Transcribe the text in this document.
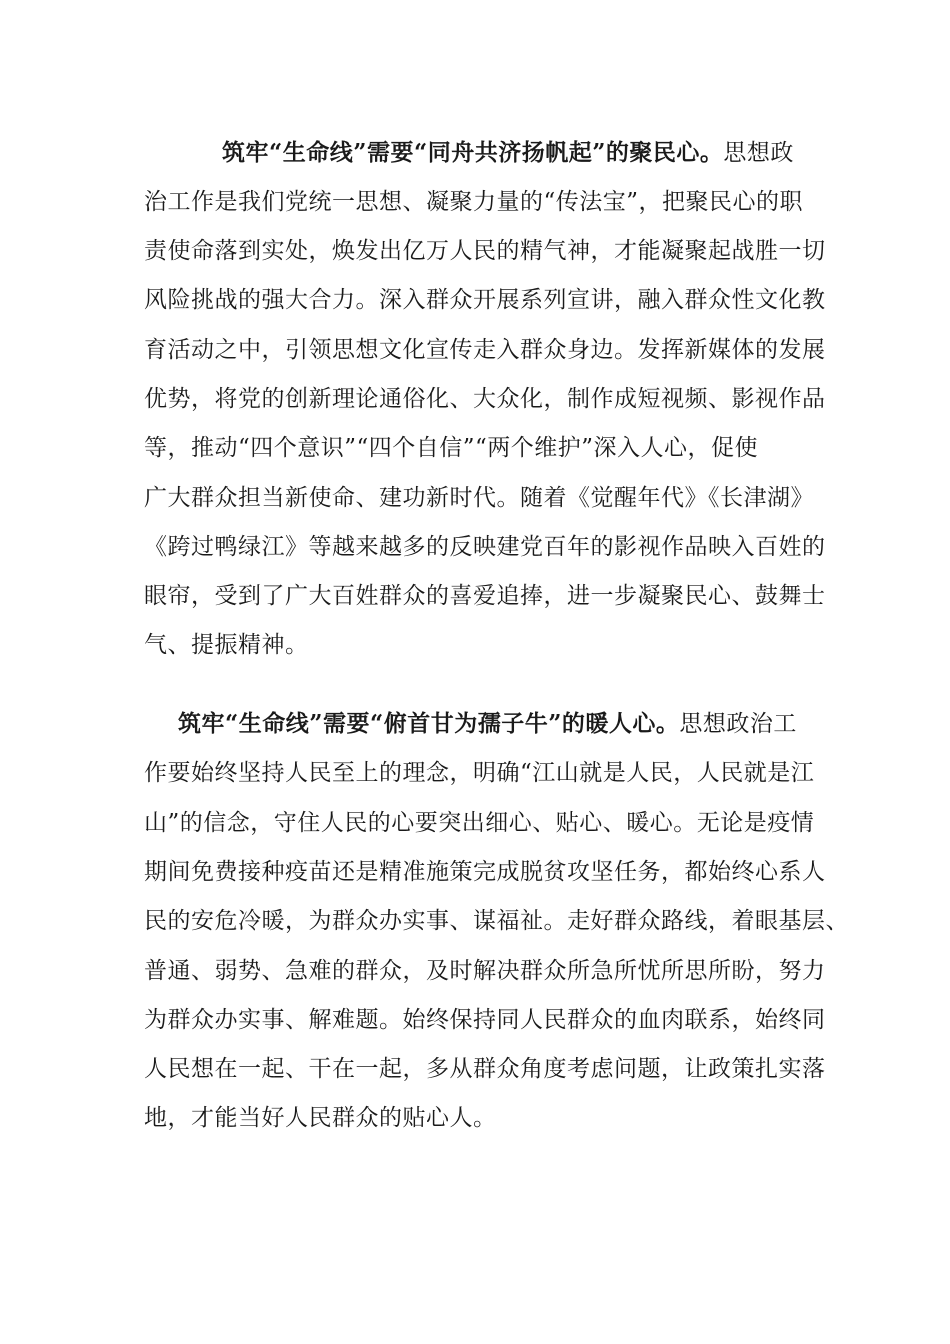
筑牢“生命线”需要“同舟共济扬帆起”的聚民心。思想政
治工作是我们党统一思想、凝聚力量的“传法宝”，把聚民心的职
责使命落到实处，焕发出亿万人民的精气神，才能凝聚起战胜一切
风险挑战的强大合力。深入群众开展系列宣讲，融入群众性文化教
育活动之中，引领思想文化宣传走入群众身边。发挥新媒体的发展
优势，将党的创新理论通俗化、大众化，制作成短视频、影视作品
等，推动“四个意识”“四个自信”“两个维护”深入人心，促使
广大群众担当新使命、建功新时代。随着《觉醒年代》《长津湖》
《跨过鸭绿江》等越来越多的反映建党百年的影视作品映入百姓的
眼帘，受到了广大百姓群众的喜爱追捧，进一步凝聚民心、鼓舞士
气、提振精神。
筑牢“生命线”需要“俯首甘为孺子牛”的暖人心。思想政治工
作要始终坚持人民至上的理念，明确“江山就是人民，人民就是江
山”的信念，守住人民的心要突出细心、贴心、暖心。无论是疫情
期间免费接种疫苗还是精准施策完成脱贫攻坚任务，都始终心系人
民的安危冷暖，为群众办实事、谋福祉。走好群众路线，着眼基层、
普通、弱势、急难的群众，及时解决群众所急所忧所思所盼，努力
为群众办实事、解难题。始终保持同人民群众的血肉联系，始终同
人民想在一起、干在一起，多从群众角度考虑问题，让政策扎实落
地，才能当好人民群众的贴心人。
